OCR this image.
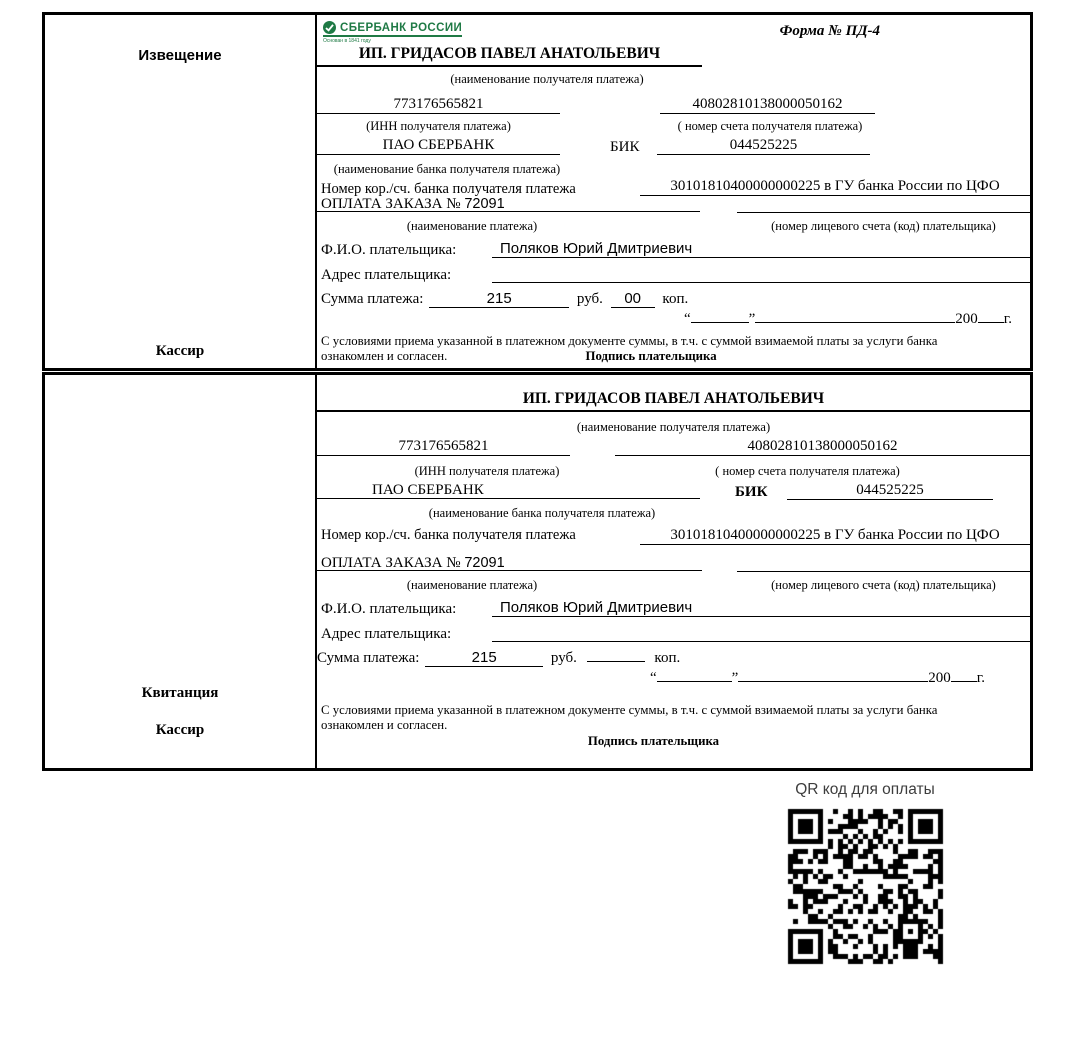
Извещение
Кассир
СБЕРБАНК РОССИИ
Основан в 1841 году
Форма № ПД-4
ИП. ГРИДАСОВ ПАВЕЛ АНАТОЛЬЕВИЧ
(наименование получателя платежа)
773176565821	40802810138000050162
(ИНН получателя платежа)	( номер счета получателя платежа)
ПАО СБЕРБАНК	БИК	044525225
(наименование банка получателя платежа)
Номер кор./сч. банка получателя платежа	30101810400000000225 в ГУ банка России по ЦФО
ОПЛАТА ЗАКАЗА № 72091
(наименование платежа)	(номер лицевого счета (код) плательщика)
Ф.И.О. плательщика:	Поляков Юрий Дмитриевич
Адрес плательщика:
Сумма платежа:	215	руб. 00 коп.
“	”	200 г.
С условиями приема указанной в платежном документе суммы, в т.ч. с суммой взимаемой платы за услуги банка
ознакомлен и согласен.	Подпись плательщика
Квитанция
Кассир
ИП. ГРИДАСОВ ПАВЕЛ АНАТОЛЬЕВИЧ
(наименование получателя платежа)
773176565821	40802810138000050162
(ИНН получателя платежа)	( номер счета получателя платежа)
ПАО СБЕРБАНК	БИК	044525225
(наименование банка получателя платежа)
Номер кор./сч. банка получателя платежа	30101810400000000225 в ГУ банка России по ЦФО
ОПЛАТА ЗАКАЗА № 72091
(наименование платежа)	(номер лицевого счета (код) плательщика)
Ф.И.О. плательщика:	Поляков Юрий Дмитриевич
Адрес плательщика:
Сумма платежа:	215	руб.	коп.
“	”	200 г.
С условиями приема указанной в платежном документе суммы, в т.ч. с суммой взимаемой платы за услуги банка
ознакомлен и согласен.
Подпись плательщика
QR код для оплаты
